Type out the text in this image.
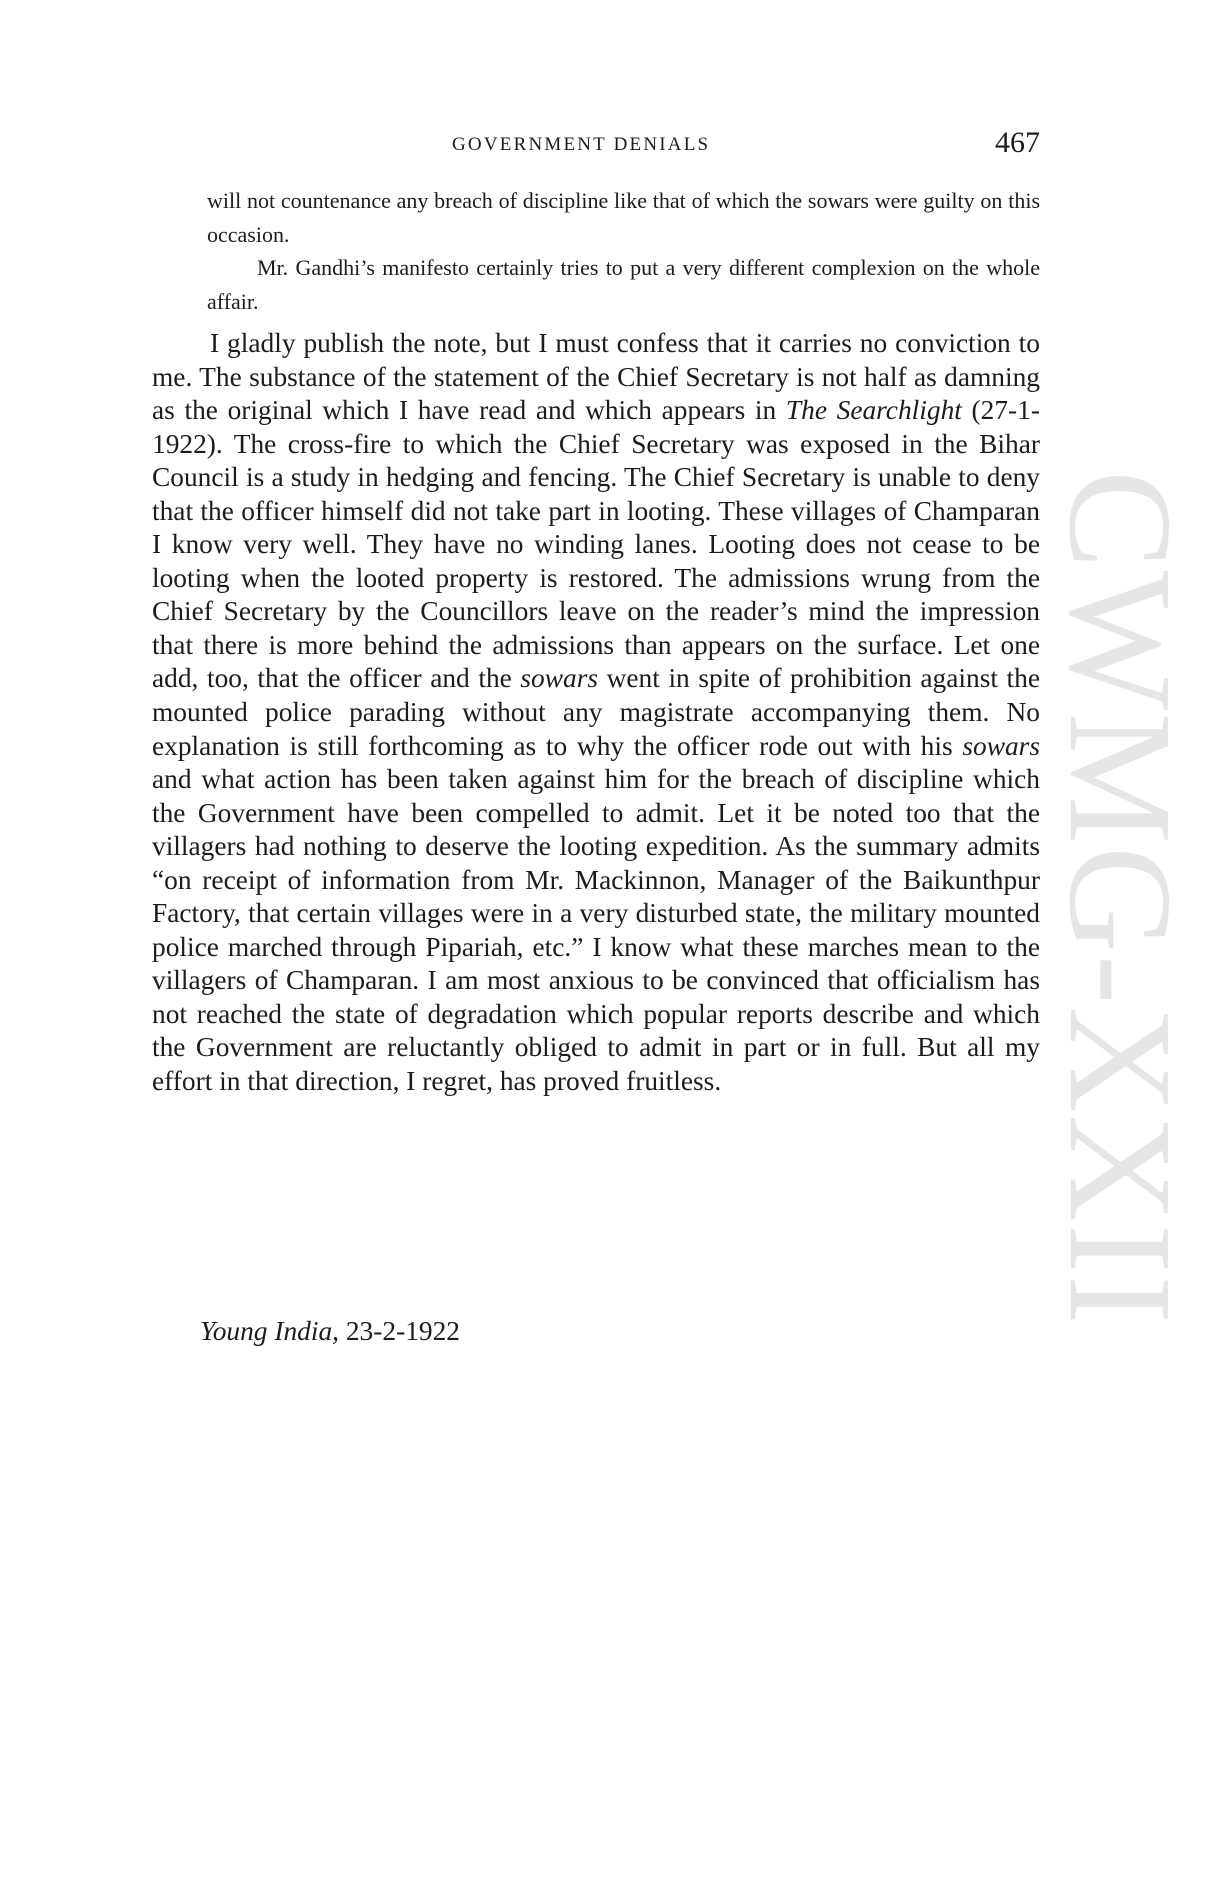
GOVERNMENT DENIALS	467

will not countenance any breach of discipline like that of which the sowars were guilty on this occasion.

Mr. Gandhi’s manifesto certainly tries to put a very different complexion on the whole affair.

I gladly publish the note, but I must confess that it carries no conviction to me. The substance of the statement of the Chief Secretary is not half as damning as the original which I have read and which appears in The Searchlight (27-1-1922). The cross-fire to which the Chief Secretary was exposed in the Bihar Council is a study in hedging and fencing. The Chief Secretary is unable to deny that the officer himself did not take part in looting. These villages of Champaran I know very well. They have no winding lanes. Looting does not cease to be looting when the looted property is restored. The admissions wrung from the Chief Secretary by the Councillors leave on the reader’s mind the impression that there is more behind the admissions than appears on the surface. Let one add, too, that the officer and the sowars went in spite of prohibition against the mounted police parading without any magistrate accompanying them. No explanation is still forthcoming as to why the officer rode out with his sowars and what action has been taken against him for the breach of discipline which the Government have been compelled to admit. Let it be noted too that the villagers had nothing to deserve the looting expedition. As the summary admits “on receipt of information from Mr. Mackinnon, Manager of the Baikunthpur Factory, that certain villages were in a very disturbed state, the military mounted police marched through Pipariah, etc.” I know what these marches mean to the villagers of Champaran. I am most anxious to be convinced that officialism has not reached the state of degradation which popular reports describe and which the Government are reluctantly obliged to admit in part or in full. But all my effort in that direction, I regret, has proved fruitless.

Young India, 23-2-1922
CWMG-XXII
